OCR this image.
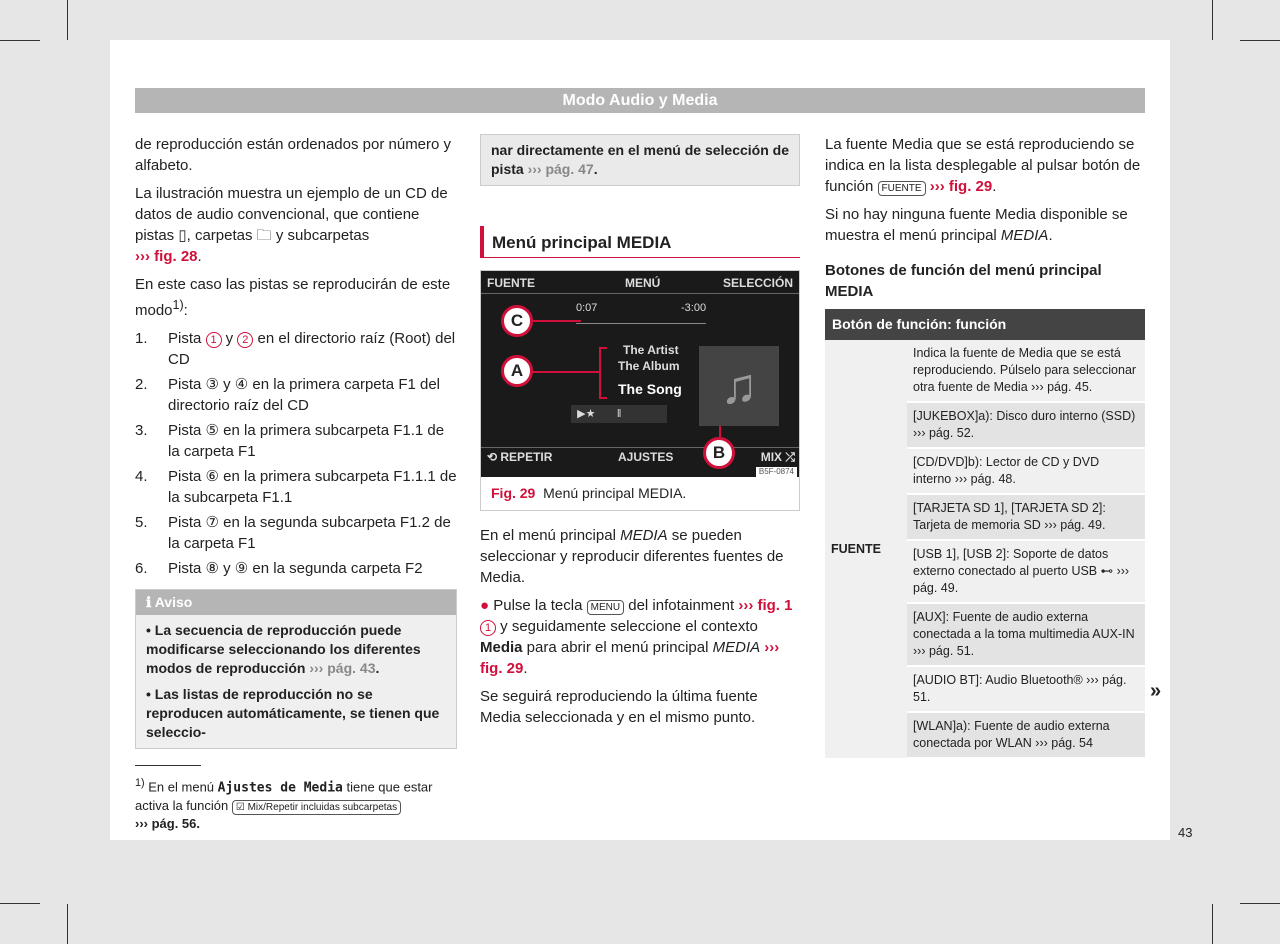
Modo Audio y Media

de reproducción están ordenados por número y alfabeto.

La ilustración muestra un ejemplo de un CD de datos de audio convencional, que contiene pistas ▯, carpetas 🗀 y subcarpetas
››› fig. 28.

En este caso las pistas se reproducirán de este modo$^{1)}$:

1. Pista 1 y 2 en el directorio raíz (Root) del CD
2. Pista ③ y ④ en la primera carpeta F1 del directorio raíz del CD
3. Pista ⑤ en la primera subcarpeta F1.1 de la carpeta F1
4. Pista ⑥ en la primera subcarpeta F1.1.1 de la subcarpeta F1.1
5. Pista ⑦ en la segunda subcarpeta F1.2 de la carpeta F1
6. Pista ⑧ y ⑨ en la segunda carpeta F2
ℹ Aviso

• La secuencia de reproducción puede modificarse seleccionando los diferentes modos de reproducción ››› pág. 43.

• Las listas de reproducción no se reproducen automáticamente, se tienen que seleccio-

nar directamente en el menú de selección de pista ››› pág. 47.
Menú principal MEDIA
FUENTE	MENÚ	SELECCIÓN
0:07	-3:00
The Artist
The Album
The Song ♫
▶★       ‖
⟲ REPETIR	AJUSTES	MIX ⤮
B5F-0874
C
A
B
Fig. 29 Menú principal MEDIA.

En el menú principal MEDIA se pueden seleccionar y reproducir diferentes fuentes de Media.

● Pulse la tecla MENU del infotainment ››› fig. 1 1 y seguidamente seleccione el contexto Media para abrir el menú principal MEDIA ››› fig. 29.

Se seguirá reproduciendo la última fuente Media seleccionada y en el mismo punto.

La fuente Media que se está reproduciendo se indica en la lista desplegable al pulsar botón de función FUENTE ››› fig. 29.

Si no hay ninguna fuente Media disponible se muestra el menú principal MEDIA.

Botones de función del menú principal MEDIA

Botón de función: función
FUENTE	Indica la fuente de Media que se está reproduciendo. Púlselo para seleccionar otra fuente de Media ››› pág. 45.
[JUKEBOX]a): Disco duro interno (SSD) ››› pág. 52.
[CD/DVD]b): Lector de CD y DVD interno ››› pág. 48.
[TARJETA SD 1], [TARJETA SD 2]: Tarjeta de memoria SD ››› pág. 49.
[USB 1], [USB 2]: Soporte de datos externo conectado al puerto USB ⊷ ››› pág. 49.
[AUX]: Fuente de audio externa conectada a la toma multimedia AUX-IN ››› pág. 51.
[AUDIO BT]: Audio Bluetooth® ››› pág. 51.
[WLAN]a): Fuente de audio externa conectada por WLAN ››› pág. 54
»
$^{1)}$ En el menú Ajustes de Media tiene que estar activa la función ☑ Mix/Repetir incluidas subcarpetas
››› pág. 56.
43
